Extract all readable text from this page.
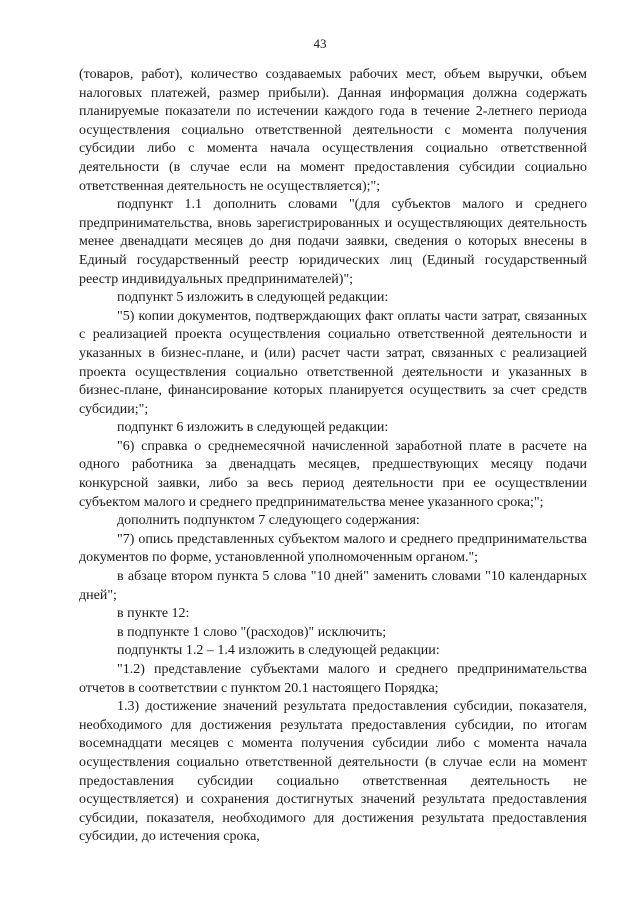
43

(товаров, работ), количество создаваемых рабочих мест, объем выручки, объем налоговых платежей, размер прибыли). Данная информация должна содержать планируемые показатели по истечении каждого года в течение 2-летнего периода осуществления социально ответственной деятельности с момента получения субсидии либо с момента начала осуществления социально ответственной деятельности (в случае если на момент предоставления субсидии социально ответственная деятельность не осуществляется);";

подпункт 1.1 дополнить словами "(для субъектов малого и среднего предпринимательства, вновь зарегистрированных и осуществляющих деятельность менее двенадцати месяцев до дня подачи заявки, сведения о которых внесены в Единый государственный реестр юридических лиц (Единый государственный реестр индивидуальных предпринимателей)";

подпункт 5 изложить в следующей редакции:

"5) копии документов, подтверждающих факт оплаты части затрат, связанных с реализацией проекта осуществления социально ответственной деятельности и указанных в бизнес-плане, и (или) расчет части затрат, связанных с реализацией проекта осуществления социально ответственной деятельности и указанных в бизнес-плане, финансирование которых планируется осуществить за счет средств субсидии;";

подпункт 6 изложить в следующей редакции:

"6) справка о среднемесячной начисленной заработной плате в расчете на одного работника за двенадцать месяцев, предшествующих месяцу подачи конкурсной заявки, либо за весь период деятельности при ее осуществлении субъектом малого и среднего предпринимательства менее указанного срока;";

дополнить подпунктом 7 следующего содержания:

"7) опись представленных субъектом малого и среднего предпринимательства документов по форме, установленной уполномоченным органом.";

в абзаце втором пункта 5 слова "10 дней" заменить словами "10 календарных дней";

в пункте 12:

в подпункте 1 слово "(расходов)" исключить;

подпункты 1.2 – 1.4 изложить в следующей редакции:

"1.2) представление субъектами малого и среднего предпринимательства отчетов в соответствии с пунктом 20.1 настоящего Порядка;

1.3) достижение значений результата предоставления субсидии, показателя, необходимого для достижения результата предоставления субсидии, по итогам восемнадцати месяцев с момента получения субсидии либо с момента начала осуществления социально ответственной деятельности (в случае если на момент предоставления субсидии социально ответственная деятельность не осуществляется) и сохранения достигнутых значений результата предоставления субсидии, показателя, необходимого для достижения результата предоставления субсидии, до истечения срока,
